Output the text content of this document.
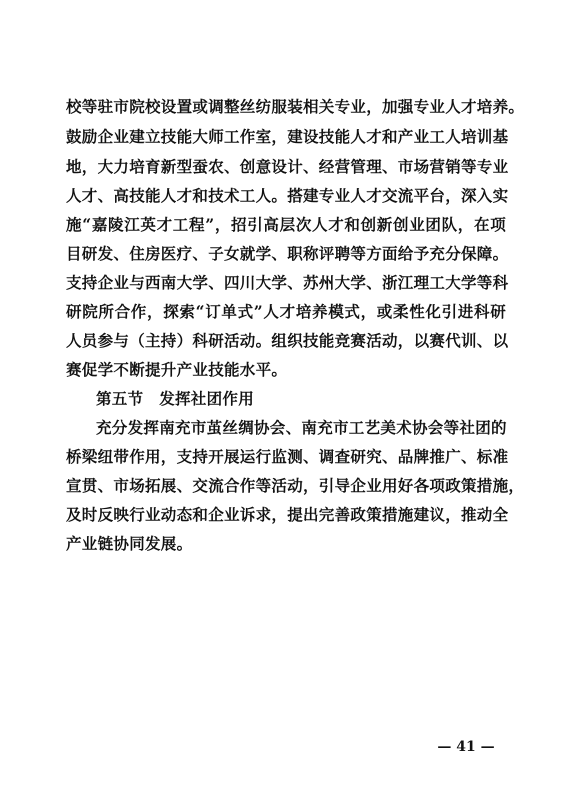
校等驻市院校设置或调整丝纺服装相关专业，加强专业人才培养。
鼓励企业建立技能大师工作室，建设技能人才和产业工人培训基
地，大力培育新型蚕农、创意设计、经营管理、市场营销等专业
人才、高技能人才和技术工人。搭建专业人才交流平台，深入实
施“嘉陵江英才工程”，招引高层次人才和创新创业团队，在项
目研发、住房医疗、子女就学、职称评聘等方面给予充分保障。
支持企业与西南大学、四川大学、苏州大学、浙江理工大学等科
研院所合作，探索“订单式”人才培养模式，或柔性化引进科研
人员参与（主持）科研活动。组织技能竞赛活动，以赛代训、以
赛促学不断提升产业技能水平。
第五节　发挥社团作用
充分发挥南充市茧丝绸协会、南充市工艺美术协会等社团的
桥梁纽带作用，支持开展运行监测、调查研究、品牌推广、标准
宣贯、市场拓展、交流合作等活动，引导企业用好各项政策措施，
及时反映行业动态和企业诉求，提出完善政策措施建议，推动全
产业链协同发展。
— 41 —
